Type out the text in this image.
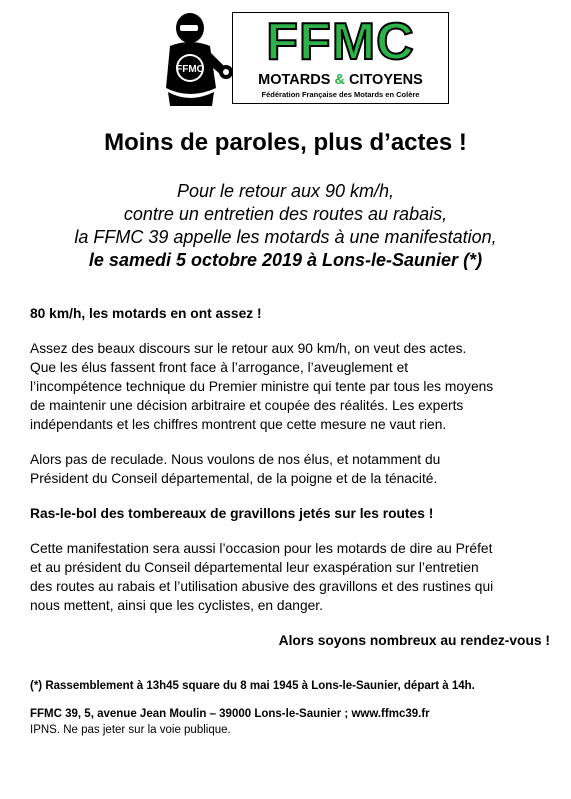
FFMC	FFMC
MOTARDS & CITOYENS
Fédération Française des Motards en Colère
Moins de paroles, plus d’actes !
Pour le retour aux 90 km/h,
contre un entretien des routes au rabais,
la FFMC 39 appelle les motards à une manifestation,
le samedi 5 octobre 2019 à Lons-le-Saunier (*)

80 km/h, les motards en ont assez !

Assez des beaux discours sur le retour aux 90 km/h, on veut des actes.
Que les élus fassent front face à l’arrogance, l’aveuglement et
l’incompétence technique du Premier ministre qui tente par tous les moyens
de maintenir une décision arbitraire et coupée des réalités. Les experts
indépendants et les chiffres montrent que cette mesure ne vaut rien.
Alors pas de reculade. Nous voulons de nos élus, et notamment du
Président du Conseil départemental, de la poigne et de la ténacité.

Ras-le-bol des tombereaux de gravillons jetés sur les routes !

Cette manifestation sera aussi l’occasion pour les motards de dire au Préfet
et au président du Conseil départemental leur exaspération sur l’entretien
des routes au rabais et l’utilisation abusive des gravillons et des rustines qui
nous mettent, ainsi que les cyclistes, en danger.

Alors soyons nombreux au rendez-vous !

(*) Rassemblement à 13h45 square du 8 mai 1945 à Lons-le-Saunier, départ à 14h.

FFMC 39, 5, avenue Jean Moulin – 39000 Lons-le-Saunier ; www.ffmc39.fr

IPNS. Ne pas jeter sur la voie publique.
